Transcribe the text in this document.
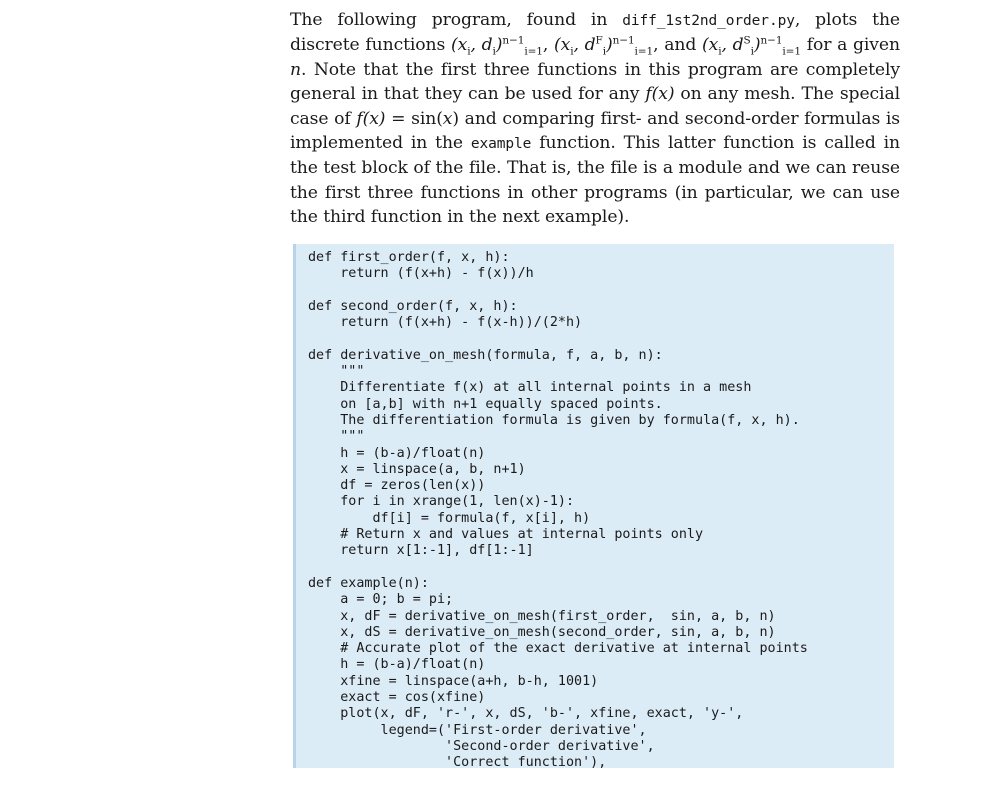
The following program, found in diff_1st2nd_order.py, plots the discrete functions ($x_i$, $d_i)^{n-1}_{i=1}$, ($x_i$, $d^F_i)^{n-1}_{i=1}$, and ($x_i$, $d^S_i)^{n-1}_{i=1}$ for a given n. Note that the first three functions in this program are completely general in that they can be used for any f(x) on any mesh. The special case of f(x) = sin(x) and comparing first- and second-order formulas is implemented in the example function. This latter function is called in the test block of the file. That is, the file is a module and we can reuse the first three functions in other programs (in particular, we can use the third function in the next example).

def first_order(f, x, h):
return (f(x+h) - f(x))/h

def second_order(f, x, h):
return (f(x+h) - f(x-h))/(2*h)

def derivative_on_mesh(formula, f, a, b, n):
"""
Differentiate f(x) at all internal points in a mesh
on [a,b] with n+1 equally spaced points.
The differentiation formula is given by formula(f, x, h).
"""
h = (b-a)/float(n)
x = linspace(a, b, n+1)
df = zeros(len(x))
for i in xrange(1, len(x)-1):
df[i] = formula(f, x[i], h)
# Return x and values at internal points only
return x[1:-1], df[1:-1]

def example(n):
a = 0; b = pi;
x, dF = derivative_on_mesh(first_order,  sin, a, b, n)
x, dS = derivative_on_mesh(second_order, sin, a, b, n)
# Accurate plot of the exact derivative at internal points
h = (b-a)/float(n)
xfine = linspace(a+h, b-h, 1001)
exact = cos(xfine)
plot(x, dF, 'r-', x, dS, 'b-', xfine, exact, 'y-',
legend=('First-order derivative',
'Second-order derivative',
'Correct function'),
